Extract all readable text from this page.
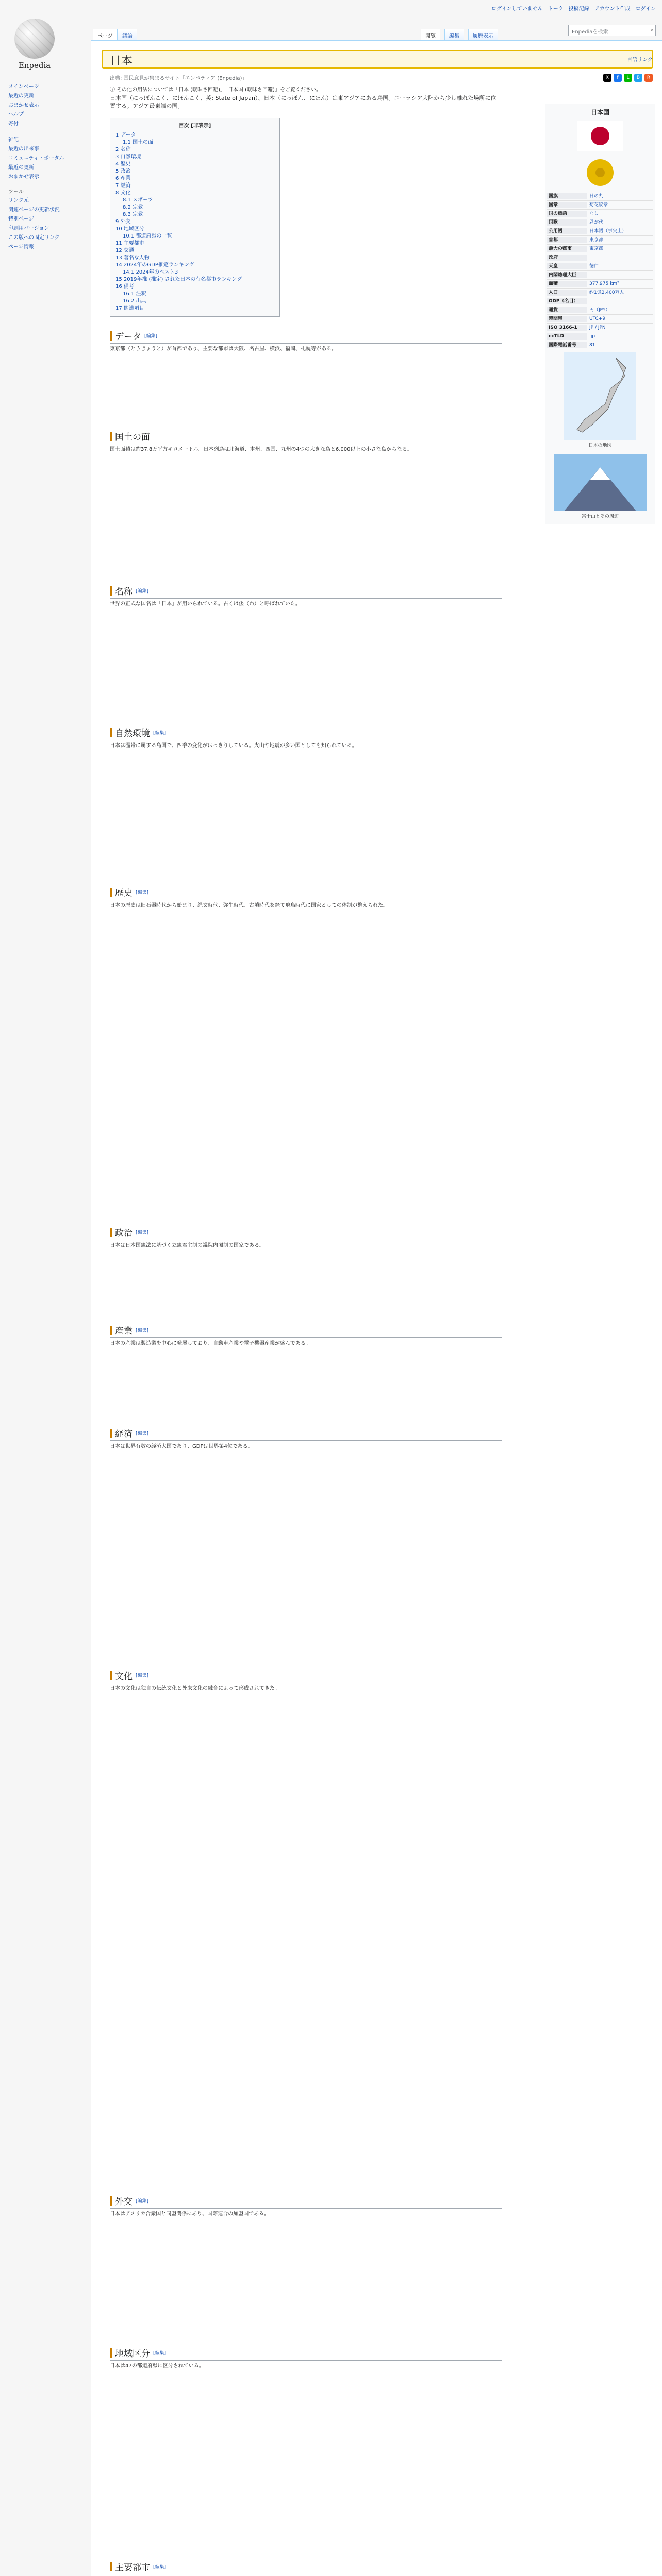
ログインしていません トーク 投稿記録 アカウント作成 ログイン
Enpedia
ページ	議論	閲覧	編集	履歴表示
Enpediaを検索	⌕
メインページ
最近の更新
おまかせ表示
ヘルプ
寄付
雑記
最近の出来事
コミュニティ・ポータル
最近の更新
おまかせ表示
ツール
リンク元
関連ページの更新状況
特別ページ
印刷用バージョン
この版への固定リンク
ページ情報
日本	言語リンク
出典: 国民意見が集まるサイト「エンペディア (Enpedia)」	X	f	L	B	R
ⓘ その他の用法については「日本 (曖昧さ回避)」「日本国 (曖昧さ回避)」をご覧ください。
日本国（にっぽんこく、にほんこく、英: State of Japan）、日本（にっぽん、にほん）は東アジアにある島国。ユーラシア大陸から少し離れた場所に位置する。アジア最東端の国。
目次 [非表示]
1 データ
1.1 国土の面
2 名称
3 自然環境
4 歴史
5 政治
6 産業
7 経済
8 文化
8.1 スポーツ
8.2 宗教
8.3 宗教
9 外交
10 地域区分
10.1 都道府県の一覧
11 主要都市
12 交通
13 著名な人物
14 2024年のGDP推定ランキング
14.1 2024年のベスト3
15 2019年推 (推定) された日本の有名都市ランキング
16 備考
16.1 注釈
16.2 出典
17 関連項目
データ [編集]
東京都（とうきょうと）が首都であり、主要な都市は大阪、名古屋、横浜、福岡、札幌等がある。
国土の面
国土面積は約37.8万平方キロメートル。日本列島は北海道、本州、四国、九州の4つの大きな島と6,000以上の小さな島からなる。
名称 [編集]
世界の正式な国名は「日本」が用いられている。古くは倭（わ）と呼ばれていた。
自然環境 [編集]
日本は温帯に属する島国で、四季の変化がはっきりしている。火山や地震が多い国としても知られている。
歴史 [編集]
日本の歴史は旧石器時代から始まり、縄文時代、弥生時代、古墳時代を経て飛鳥時代に国家としての体制が整えられた。
政治 [編集]
日本は日本国憲法に基づく立憲君主制の議院内閣制の国家である。
産業 [編集]
日本の産業は製造業を中心に発展しており、自動車産業や電子機器産業が盛んである。
経済 [編集]
日本は世界有数の経済大国であり、GDPは世界第4位である。
文化 [編集]
日本の文化は独自の伝統文化と外来文化の融合によって形成されてきた。
外交 [編集]
日本はアメリカ合衆国と同盟関係にあり、国際連合の加盟国である。
地域区分 [編集]
日本は47の都道府県に区分されている。
主要都市 [編集]
日本国
国旗	日の丸
国章	菊花紋章
国の標語	なし
国歌	君が代
公用語	日本語（事実上）
首都	東京都
最大の都市	東京都
政府
天皇	徳仁
内閣総理大臣
面積	377,975 km²
人口	約1億2,400万人
GDP（名目）
通貨	円（JPY）
時間帯	UTC+9
ISO 3166-1	JP / JPN
ccTLD	.jp
国際電話番号	81
日本の地図
富士山とその周辺
